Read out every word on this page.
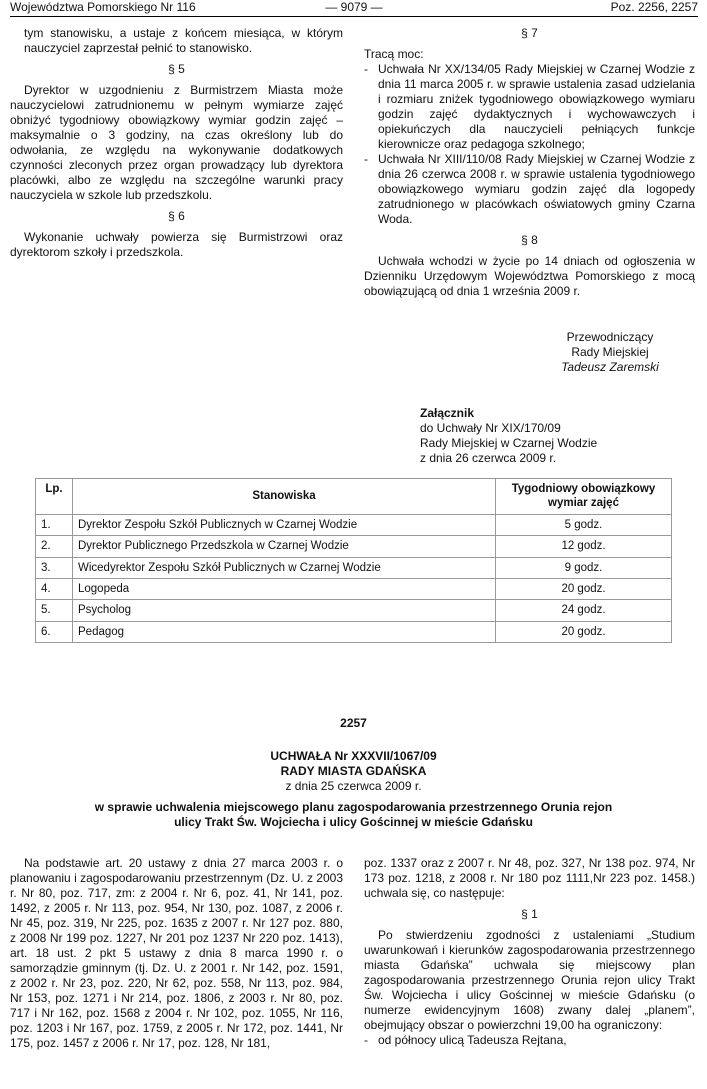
Województwa Pomorskiego Nr 116	— 9079 —	Poz. 2256, 2257

tym stanowisku, a ustaje z końcem miesiąca, w którym nauczyciel zaprzestał pełnić to stanowisko.

§ 5

Dyrektor w uzgodnieniu z Burmistrzem Miasta może nauczycielowi zatrudnionemu w pełnym wymiarze zajęć obniżyć tygodniowy obowiązkowy wymiar godzin zajęć – maksymalnie o 3 godziny, na czas określony lub do odwołania, ze względu na wykonywanie dodatkowych czynności zleconych przez organ prowadzący lub dyrektora placówki, albo ze względu na szczególne warunki pracy nauczyciela w szkole lub przedszkolu.

§ 6

Wykonanie uchwały powierza się Burmistrzowi oraz dyrektorom szkoły i przedszkola.

§ 7

Tracą moc:

- Uchwała Nr XX/134/05 Rady Miejskiej w Czarnej Wodzie z dnia 11 marca 2005 r. w sprawie ustalenia zasad udzielania i rozmiaru zniżek tygodniowego obowiązkowego wymiaru godzin zajęć dydaktycznych i wychowawczych i opiekuńczych dla nauczycieli pełniących funkcje kierownicze oraz pedagoga szkolnego;
- Uchwała Nr XIII/110/08 Rady Miejskiej w Czarnej Wodzie z dnia 26 czerwca 2008 r. w sprawie ustalenia tygodniowego obowiązkowego wymiaru godzin zajęć dla logopedy zatrudnionego w placówkach oświatowych gminy Czarna Woda.
§ 8

Uchwała wchodzi w życie po 14 dniach od ogłoszenia w Dzienniku Urzędowym Województwa Pomorskiego z mocą obowiązującą od dnia 1 września 2009 r.

Przewodniczący
Rady Miejskiej
Tadeusz Zaremski
Załącznik
do Uchwały Nr XIX/170/09
Rady Miejskiej w Czarnej Wodzie
z dnia 26 czerwca 2009 r.
Lp.	Stanowiska	Tygodniowy obowiązkowy wymiar zajęć
1.	Dyrektor Zespołu Szkół Publicznych w Czarnej Wodzie	5 godz.
2.	Dyrektor Publicznego Przedszkola w Czarnej Wodzie	12 godz.
3.	Wicedyrektor Zespołu Szkół Publicznych w Czarnej Wodzie	9 godz.
4.	Logopeda	20 godz.
5.	Psycholog	24 godz.
6.	Pedagog	20 godz.
2257
UCHWAŁA Nr XXXVII/1067/09
RADY MIASTA GDAŃSKA
z dnia 25 czerwca 2009 r.
w sprawie uchwalenia miejscowego planu zagospodarowania przestrzennego Orunia rejon
ulicy Trakt Św. Wojciecha i ulicy Gościnnej w mieście Gdańsku

Na podstawie art. 20 ustawy z dnia 27 marca 2003 r. o planowaniu i zagospodarowaniu przestrzennym (Dz. U. z 2003 r. Nr 80, poz. 717, zm: z 2004 r. Nr 6, poz. 41, Nr 141, poz. 1492, z 2005 r. Nr 113, poz. 954, Nr 130, poz. 1087, z 2006 r. Nr 45, poz. 319, Nr 225, poz. 1635 z 2007 r. Nr 127 poz. 880, z 2008 Nr 199 poz. 1227, Nr 201 poz 1237 Nr 220 poz. 1413), art. 18 ust. 2 pkt 5 ustawy z dnia 8 marca 1990 r. o samorządzie gminnym (tj. Dz. U. z 2001 r. Nr 142, poz. 1591, z 2002 r. Nr 23, poz. 220, Nr 62, poz. 558, Nr 113, poz. 984, Nr 153, poz. 1271 i Nr 214, poz. 1806, z 2003 r. Nr 80, poz. 717 i Nr 162, poz. 1568 z 2004 r. Nr 102, poz. 1055, Nr 116, poz. 1203 i Nr 167, poz. 1759, z 2005 r. Nr 172, poz. 1441, Nr 175, poz. 1457 z 2006 r. Nr 17, poz. 128, Nr 181,

poz. 1337 oraz z 2007 r. Nr 48, poz. 327, Nr 138 poz. 974, Nr 173 poz. 1218, z 2008 r. Nr 180 poz 1111,Nr 223 poz. 1458.) uchwala się, co następuje:

§ 1

Po stwierdzeniu zgodności z ustaleniami „Studium uwarunkowań i kierunków zagospodarowania przestrzennego miasta Gdańska” uchwala się miejscowy plan zagospodarowania przestrzennego Orunia rejon ulicy Trakt Św. Wojciecha i ulicy Gościnnej w mieście Gdańsku (o numerze ewidencyjnym 1608) zwany dalej „planem”, obejmujący obszar o powierzchni 19,00 ha ograniczony:

- od północy ulicą Tadeusza Rejtana,
